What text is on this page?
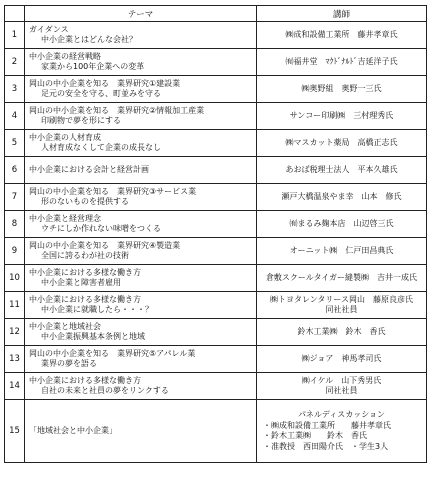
	テーマ	講師
1	ガイダンス
中小企業とはどんな会社？	㈱成和設備工業所　藤井孝章氏

2	中小企業の経営戦略
家業から100年企業への変革	㈲福井堂　ﾏｸﾄﾞﾅﾙﾄﾞ吉延洋子氏

3	岡山の中小企業を知る　業界研究①建設業
足元の安全を守る、町並みを守る	㈱奥野組　奥野一三氏

4	岡山の中小企業を知る　業界研究②情報加工産業
印刷物で夢を形にする	サンコー印刷㈱　三村理秀氏

5	中小企業の人材育成
人材育成なくして企業の成長なし	㈱マスカット薬局　高橋正志氏

6	中小企業における会計と経営計画	あおば税理士法人　平本久雄氏

7	岡山の中小企業を知る　業界研究③サービス業
形のないものを提供する	瀬戸大橋温泉やま幸　山本　修氏

8	中小企業と経営理念
ウチにしか作れない味噌をつくる	㈲まるみ麹本店　山辺啓三氏

9	岡山の中小企業を知る　業界研究④製造業
全国に誇るわが社の技術	オーニット㈱　仁戸田昌典氏

10	中小企業における多様な働き方
中小企業と障害者雇用	倉敷スクールタイガー縫製㈱　吉井一成氏

11	中小企業における多様な働き方
中小企業に就職したら・・・？	㈱トヨタレンタリース岡山　藤原良彦氏
同社社員

12	中小企業と地域社会
中小企業振興基本条例と地域	鈴木工業㈱　鈴木　香氏

13	岡山の中小企業を知る　業界研究⑤アパレル業
業界の夢を語る	㈱ジョア　神馬孝司氏

14	中小企業における多様な働き方
自社の未来と社員の夢をリンクする	㈱イケル　山下秀男氏
同社社員

15	「地域社会と中小企業」	パネルディスカッション
・㈱成和設備工業所　　藤井孝章氏
・鈴木工業㈱　　鈴木　香氏
・准教授　西田陽介氏　・学生3人
